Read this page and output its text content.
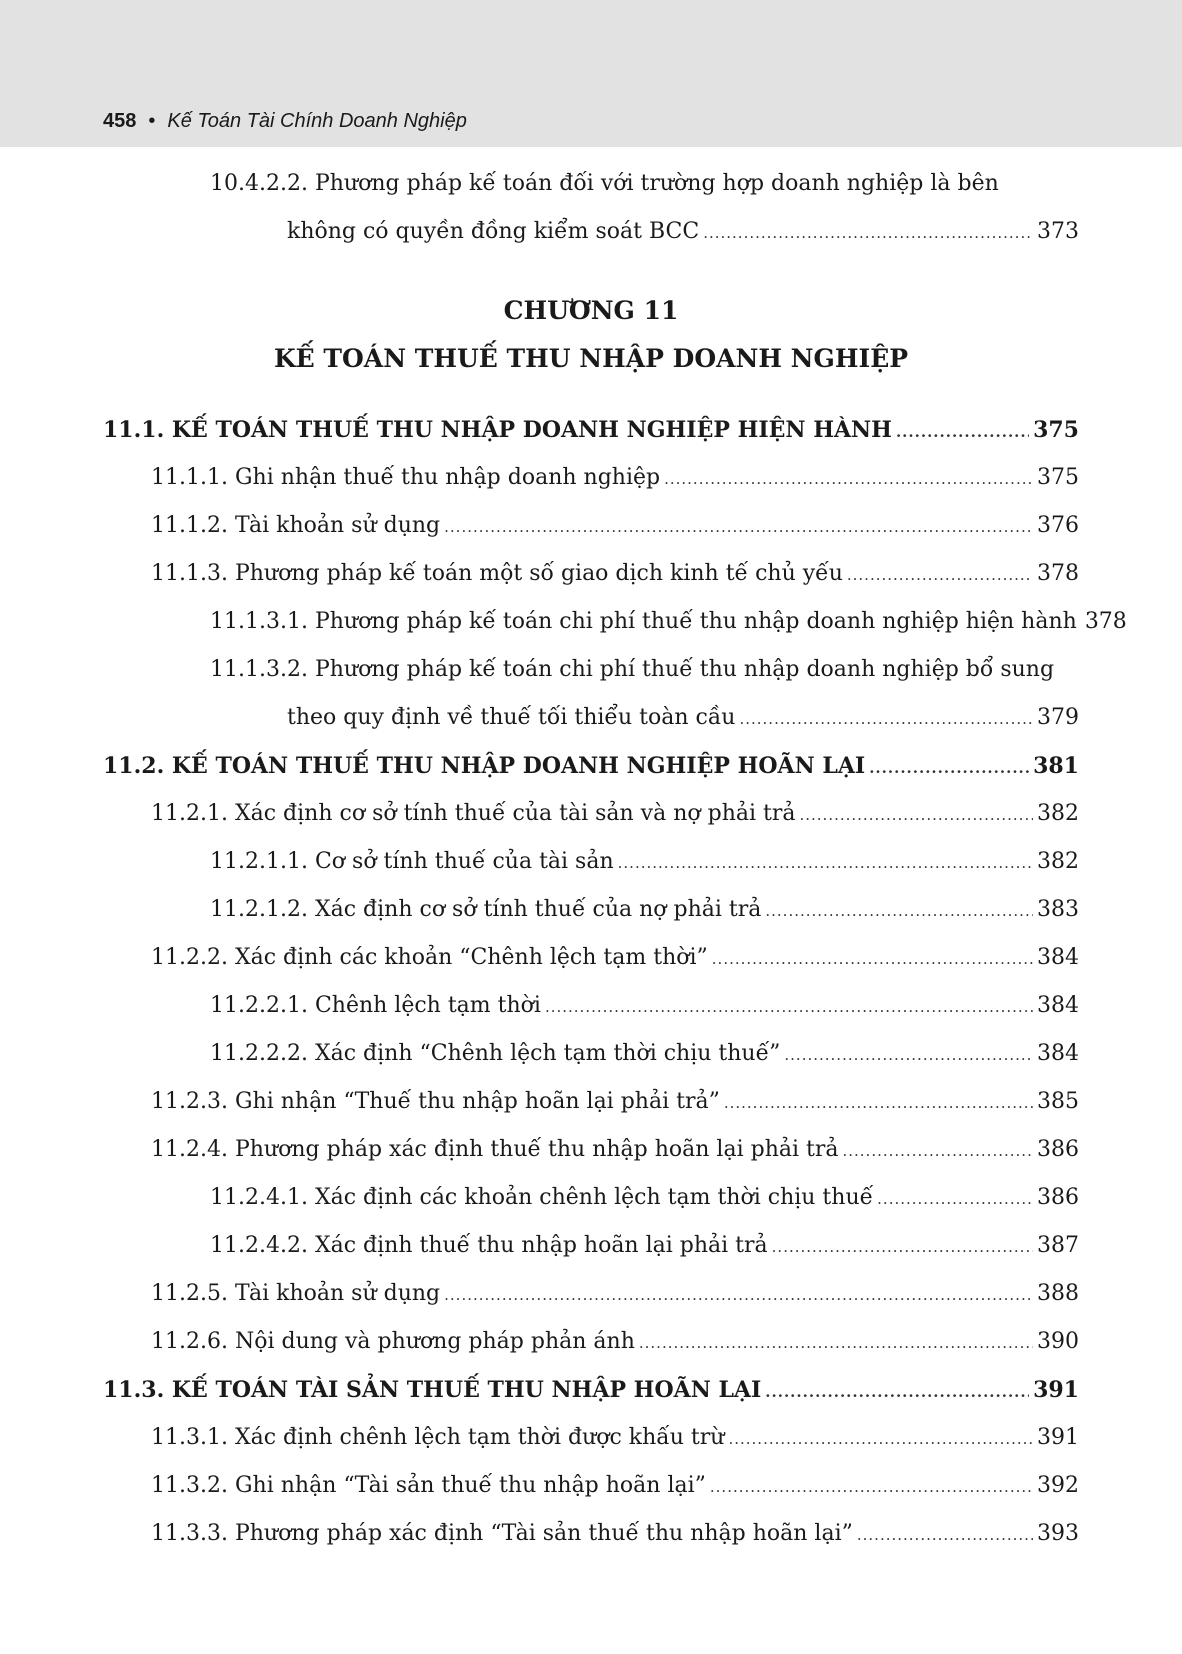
458 • Kế Toán Tài Chính Doanh Nghiệp
10.4.2.2. Phương pháp kế toán đối với trường hợp doanh nghiệp là bên
không có quyền đồng kiểm soát BCC .....	373
CHƯƠNG 11
KẾ TOÁN THUẾ THU NHẬP DOANH NGHIỆP
11.1. KẾ TOÁN THUẾ THU NHẬP DOANH NGHIỆP HIỆN HÀNH .....	375
11.1.1. Ghi nhận thuế thu nhập doanh nghiệp .....	375
11.1.2. Tài khoản sử dụng .....	376
11.1.3. Phương pháp kế toán một số giao dịch kinh tế chủ yếu .....	378
11.1.3.1. Phương pháp kế toán chi phí thuế thu nhập doanh nghiệp hiện hành 378
11.1.3.2. Phương pháp kế toán chi phí thuế thu nhập doanh nghiệp bổ sung
theo quy định về thuế tối thiểu toàn cầu .....	379
11.2. KẾ TOÁN THUẾ THU NHẬP DOANH NGHIỆP HOÃN LẠI .....	381
11.2.1. Xác định cơ sở tính thuế của tài sản và nợ phải trả .....	382
11.2.1.1. Cơ sở tính thuế của tài sản .....	382
11.2.1.2. Xác định cơ sở tính thuế của nợ phải trả .....	383
11.2.2. Xác định các khoản “Chênh lệch tạm thời” .....	384
11.2.2.1. Chênh lệch tạm thời .....	384
11.2.2.2. Xác định “Chênh lệch tạm thời chịu thuế” .....	384
11.2.3. Ghi nhận “Thuế thu nhập hoãn lại phải trả” .....	385
11.2.4. Phương pháp xác định thuế thu nhập hoãn lại phải trả .....	386
11.2.4.1. Xác định các khoản chênh lệch tạm thời chịu thuế .....	386
11.2.4.2. Xác định thuế thu nhập hoãn lại phải trả .....	387
11.2.5. Tài khoản sử dụng .....	388
11.2.6. Nội dung và phương pháp phản ánh .....	390
11.3. KẾ TOÁN TÀI SẢN THUẾ THU NHẬP HOÃN LẠI .....	391
11.3.1. Xác định chênh lệch tạm thời được khấu trừ .....	391
11.3.2. Ghi nhận “Tài sản thuế thu nhập hoãn lại” .....	392
11.3.3. Phương pháp xác định “Tài sản thuế thu nhập hoãn lại” .....	393
